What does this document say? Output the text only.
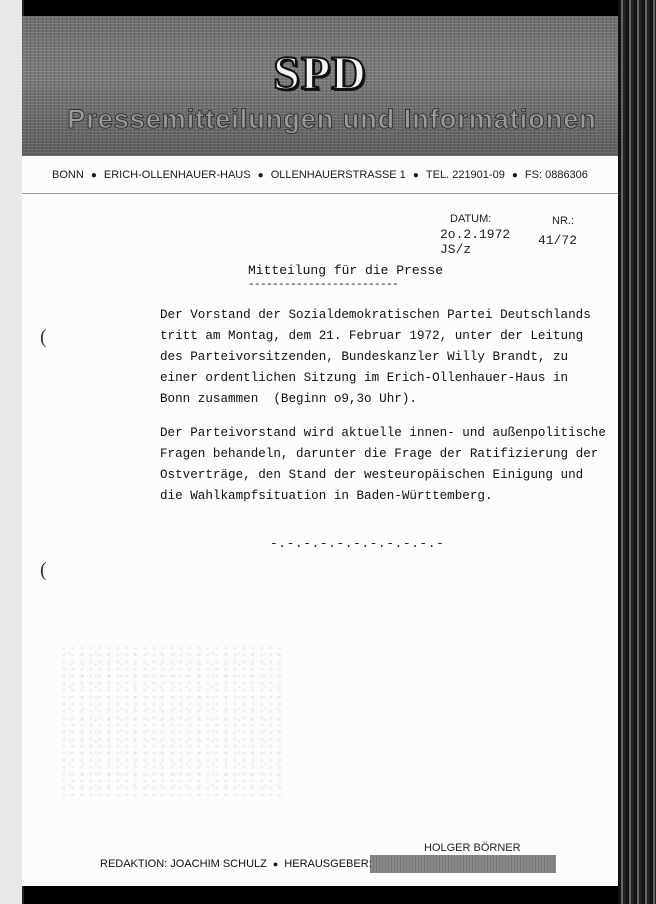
SPD
Pressemitteilungen und Informationen
BONN ● ERICH-OLLENHAUER-HAUS ● OLLENHAUERSTRASSE 1 ● TEL. 221901-09 ● FS: 0886306
DATUM:
2o.2.1972
JS/z
NR.:
41/72
Mitteilung für die Presse
-------------------------

Der Vorstand der Sozialdemokratischen Partei Deutschlands

tritt am Montag, dem 21. Februar 1972, unter der Leitung

des Parteivorsitzenden, Bundeskanzler Willy Brandt, zu

einer ordentlichen Sitzung im Erich-Ollenhauer-Haus in

Bonn zusammen  (Beginn o9,3o Uhr).

Der Parteivorstand wird aktuelle innen- und außenpolitische

Fragen behandeln, darunter die Frage der Ratifizierung der

Ostverträge, den Stand der westeuropäischen Einigung und

die Wahlkampfsituation in Baden-Württemberg.

-.-.-.-.-.-.-.-.-.-.-
(
(
HOLGER BÖRNER
REDAKTION: JOACHIM SCHULZ ● HERAUSGEBER:
